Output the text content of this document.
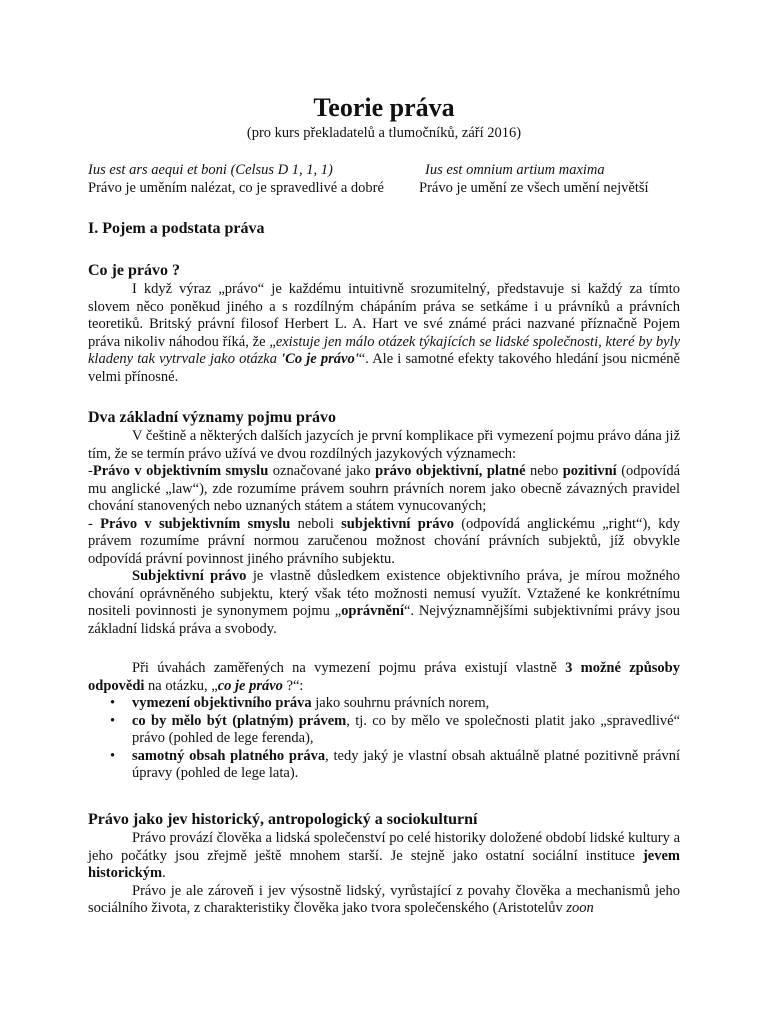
Teorie práva
(pro kurs překladatelů a tlumočníků, září 2016)
Ius est ars aequi et boni (Celsus D 1, 1, 1)
Právo je uměním nalézat, co je spravedlivé a dobré
Ius est omnium artium maxima
Právo je umění ze všech umění největší
I. Pojem a podstata práva
Co je právo ?

I když výraz „právo“ je každému intuitivně srozumitelný, představuje si každý za tímto slovem něco poněkud jiného a s rozdílným chápáním práva se setkáme i u právníků a právních teoretiků. Britský právní filosof Herbert L. A. Hart ve své známé práci nazvané příznačně Pojem práva nikoliv náhodou říká, že „existuje jen málo otázek týkajících se lidské společnosti, které by byly kladeny tak vytrvale jako otázka 'Co je právo'“. Ale i samotné efekty takového hledání jsou nicméně velmi přínosné.

Dva základní významy pojmu právo

V češtině a některých dalších jazycích je první komplikace při vymezení pojmu právo dána již tím, že se termín právo užívá ve dvou rozdílných jazykových významech:

-Právo v objektivním smyslu označované jako právo objektivní, platné nebo pozitivní (odpovídá mu anglické „law“), zde rozumíme právem souhrn právních norem jako obecně závazných pravidel chování stanovených nebo uznaných státem a státem vynucovaných;

- Právo v subjektivním smyslu neboli subjektivní právo (odpovídá anglickému „right“), kdy právem rozumíme právní normou zaručenou možnost chování právních subjektů, jíž obvykle odpovídá právní povinnost jiného právního subjektu.

Subjektivní právo je vlastně důsledkem existence objektivního práva, je mírou možného chování oprávněného subjektu, který však této možnosti nemusí využít. Vztažené ke konkrétnímu nositeli povinnosti je synonymem pojmu „oprávnění“. Nejvýznamnějšími subjektivními právy jsou základní lidská práva a svobody.

Při úvahách zaměřených na vymezení pojmu práva existují vlastně 3 možné způsoby odpovědi na otázku, „co je právo ?“:

• vymezení objektivního práva jako souhrnu právních norem,
• co by mělo být (platným) právem, tj. co by mělo ve společnosti platit jako „spravedlivé“ právo (pohled de lege ferenda),
• samotný obsah platného práva, tedy jaký je vlastní obsah aktuálně platné pozitivně právní úpravy (pohled de lege lata).
Právo jako jev historický, antropologický a sociokulturní

Právo provází člověka a lidská společenství po celé historiky doložené období lidské kultury a jeho počátky jsou zřejmě ještě mnohem starší. Je stejně jako ostatní sociální instituce jevem historickým.

Právo je ale zároveň i jev výsostně lidský, vyrůstající z povahy člověka a mechanismů jeho sociálního života, z charakteristiky člověka jako tvora společenského (Aristotelův zoon
